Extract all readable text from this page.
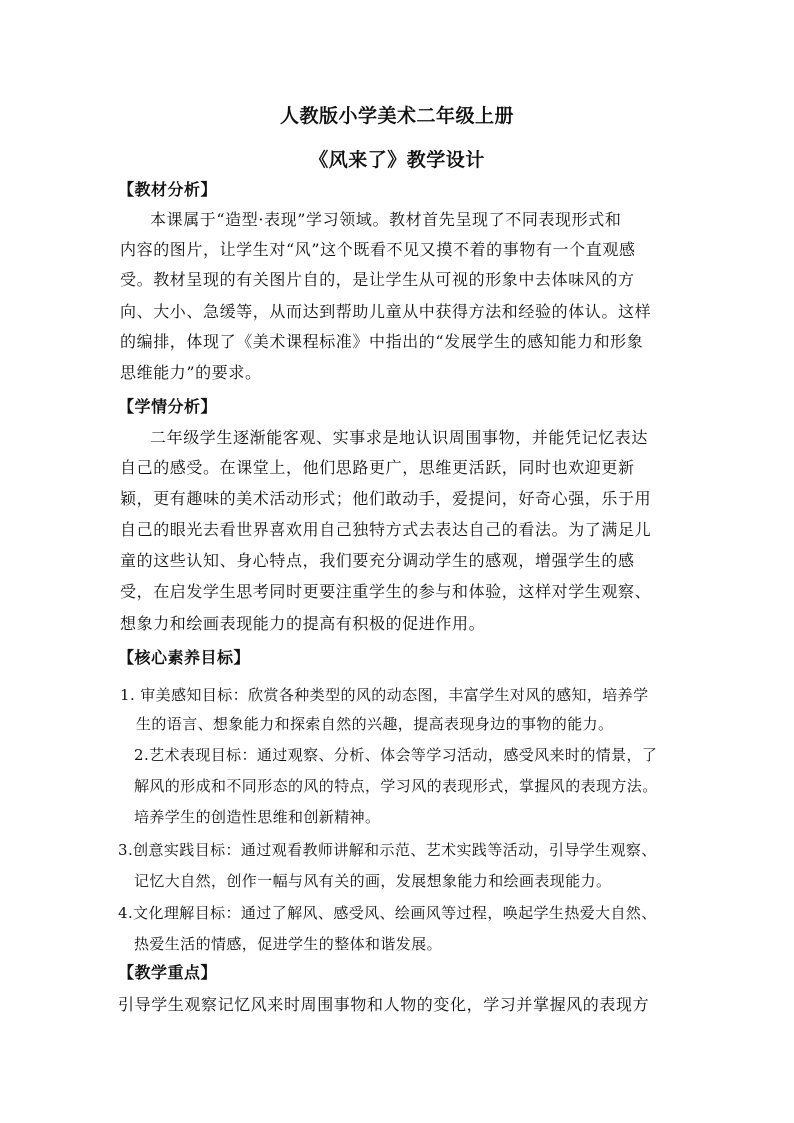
人教版小学美术二年级上册
《风来了》教学设计
【教材分析】
本课属于“造型·表现”学习领域。教材首先呈现了不同表现形式和
内容的图片，让学生对“风”这个既看不见又摸不着的事物有一个直观感
受。教材呈现的有关图片自的，是让学生从可视的形象中去体味风的方
向、大小、急缓等，从而达到帮助儿童从中获得方法和经验的体认。这样
的编排，体现了《美术课程标准》中指出的“发展学生的感知能力和形象
思维能力”的要求。
【学情分析】
二年级学生逐渐能客观、实事求是地认识周围事物，并能凭记忆表达
自己的感受。在课堂上，他们思路更广，思维更活跃，同时也欢迎更新
颖，更有趣味的美术活动形式；他们敢动手，爱提问，好奇心强，乐于用
自己的眼光去看世界喜欢用自己独特方式去表达自己的看法。为了满足儿
童的这些认知、身心特点，我们要充分调动学生的感观，增强学生的感
受，在启发学生思考同时更要注重学生的参与和体验，这样对学生观察、
想象力和绘画表现能力的提高有积极的促进作用。
【核心素养目标】
1. 审美感知目标：欣赏各种类型的风的动态图，丰富学生对风的感知，培养学
生的语言、想象能力和探索自然的兴趣，提高表现身边的事物的能力。
2.艺术表现目标：通过观察、分析、体会等学习活动，感受风来时的情景，了
解风的形成和不同形态的风的特点，学习风的表现形式，掌握风的表现方法。
培养学生的创造性思维和创新精神。
3.创意实践目标：通过观看教师讲解和示范、艺术实践等活动，引导学生观察、
记忆大自然，创作一幅与风有关的画，发展想象能力和绘画表现能力。
4.文化理解目标：通过了解风、感受风、绘画风等过程，唤起学生热爱大自然、
热爱生活的情感，促进学生的整体和谐发展。
【教学重点】
引导学生观察记忆风来时周围事物和人物的变化，学习并掌握风的表现方
